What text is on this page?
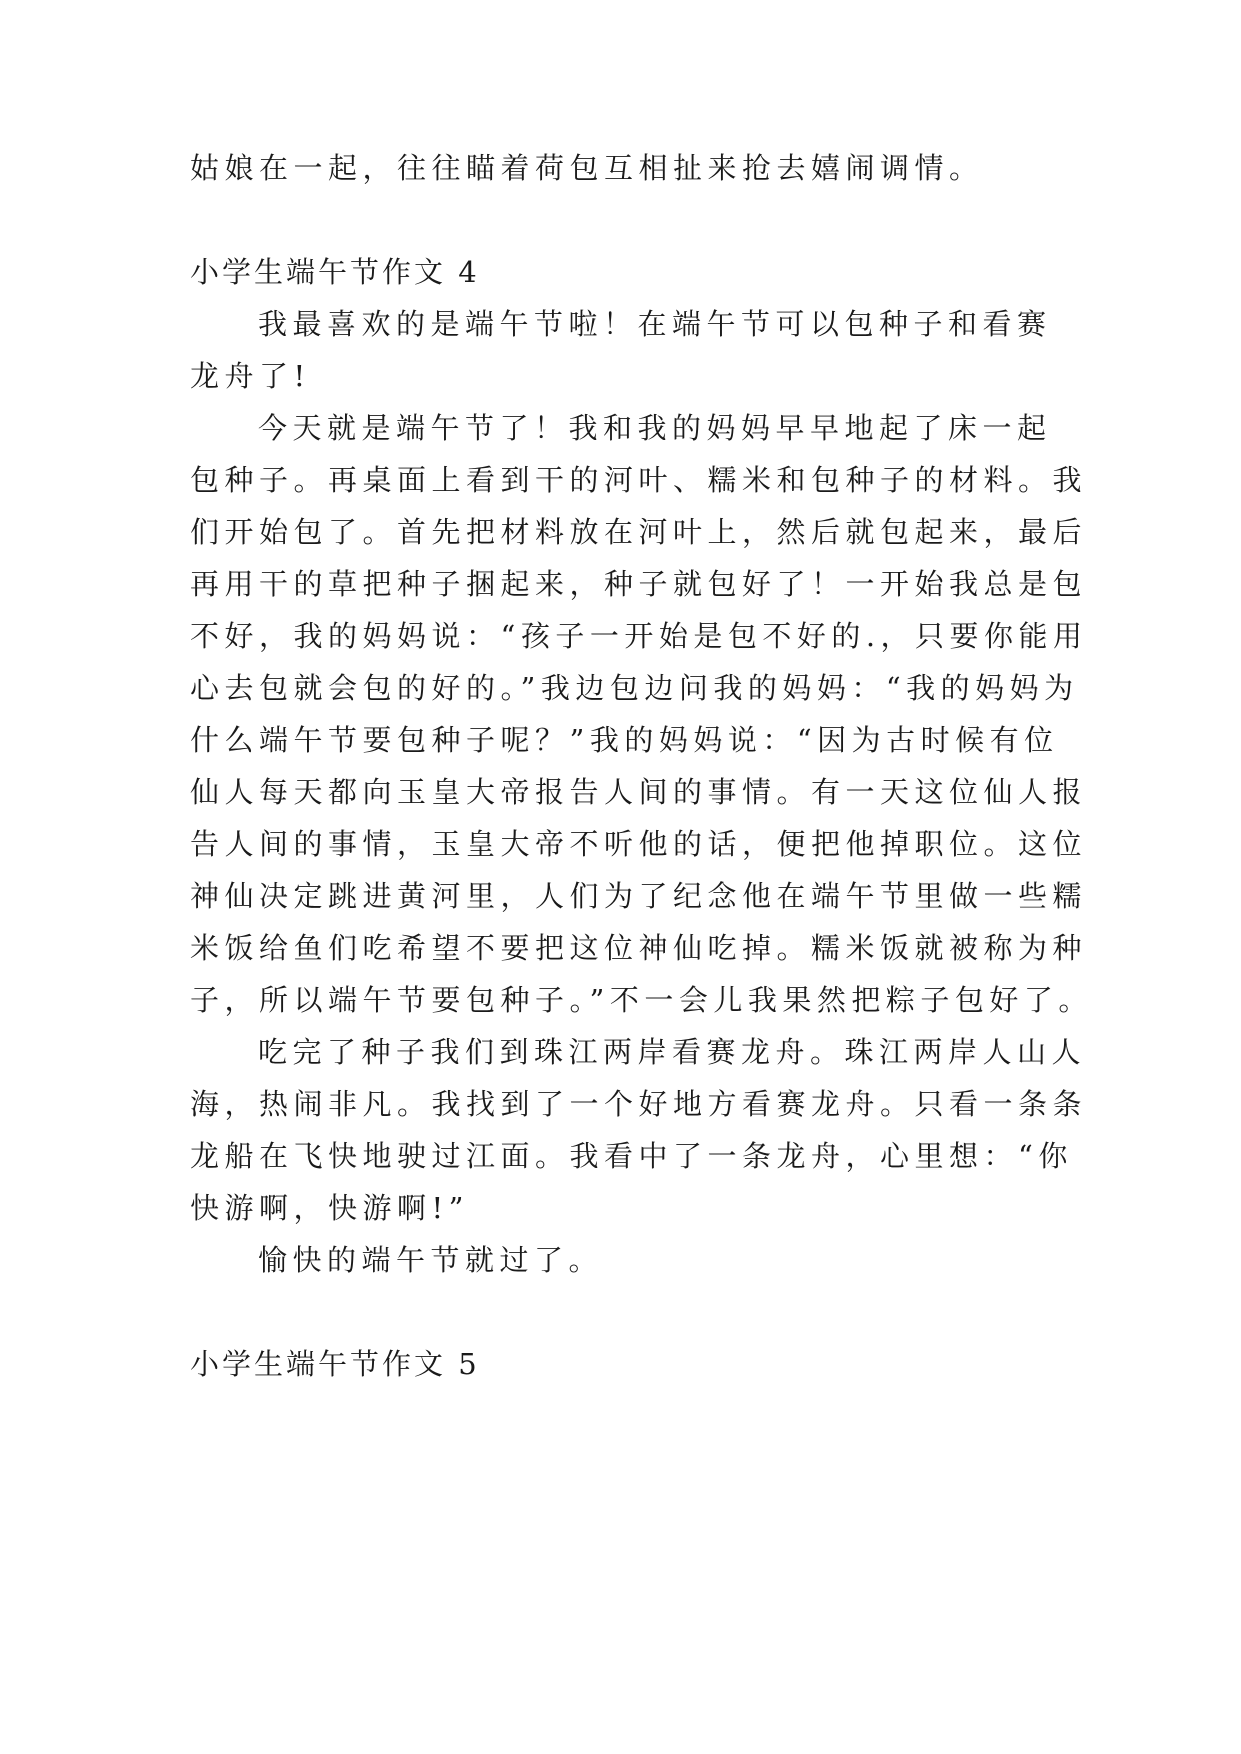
姑娘在一起，往往瞄着荷包互相扯来抢去嬉闹调情。
小学生端午节作文 4
我最喜欢的是端午节啦！在端午节可以包种子和看赛
龙舟了!
今天就是端午节了！我和我的妈妈早早地起了床一起
包种子。再桌面上看到干的河叶、糯米和包种子的材料。我
们开始包了。首先把材料放在河叶上，然后就包起来，最后
再用干的草把种子捆起来，种子就包好了！一开始我总是包
不好，我的妈妈说：“孩子一开始是包不好的.，只要你能用
心去包就会包的好的。”我边包边问我的妈妈：“我的妈妈为
什么端午节要包种子呢？”我的妈妈说：“因为古时候有位
仙人每天都向玉皇大帝报告人间的事情。有一天这位仙人报
告人间的事情，玉皇大帝不听他的话，便把他掉职位。这位
神仙决定跳进黄河里，人们为了纪念他在端午节里做一些糯
米饭给鱼们吃希望不要把这位神仙吃掉。糯米饭就被称为种
子，所以端午节要包种子。”不一会儿我果然把粽子包好了。
吃完了种子我们到珠江两岸看赛龙舟。珠江两岸人山人
海，热闹非凡。我找到了一个好地方看赛龙舟。只看一条条
龙船在飞快地驶过江面。我看中了一条龙舟，心里想：“你
快游啊，快游啊!”
愉快的端午节就过了。
小学生端午节作文 5
